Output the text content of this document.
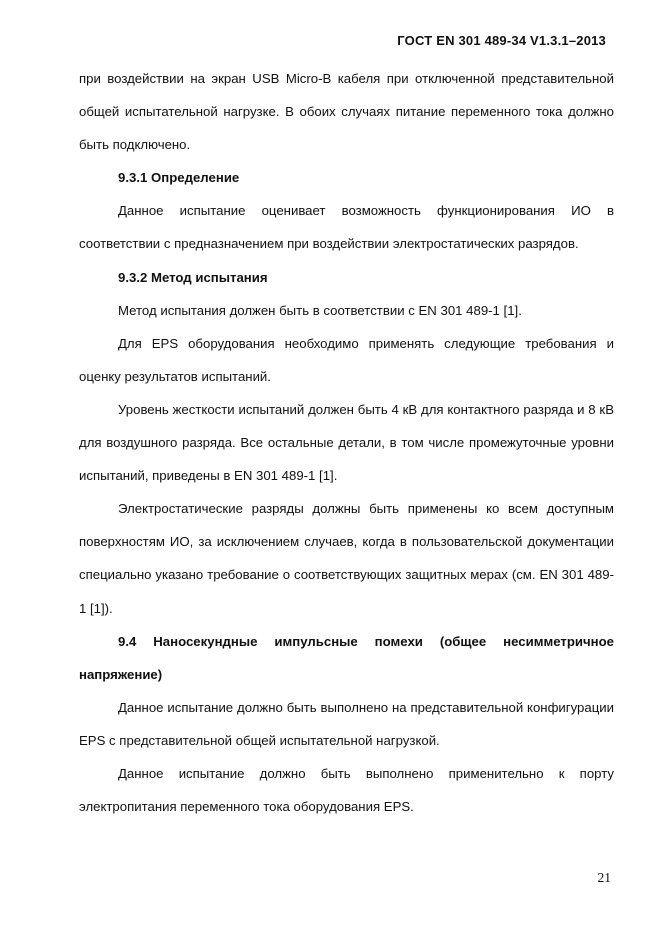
ГОСТ EN 301 489-34 V1.3.1–2013

при воздействии на экран USB Micro-B кабеля при отключенной представительной общей испытательной нагрузке. В обоих случаях питание переменного тока должно быть подключено.

9.3.1 Определение

Данное испытание оценивает возможность функционирования ИО в соответствии с предназначением при воздействии электростатических разрядов.

9.3.2 Метод испытания

Метод испытания должен быть в соответствии с EN 301 489-1 [1].

Для EPS оборудования необходимо применять следующие требования и оценку результатов испытаний.

Уровень жесткости испытаний должен быть 4 кВ для контактного разряда и 8 кВ для воздушного разряда. Все остальные детали, в том числе промежуточные уровни испытаний, приведены в EN 301 489-1 [1].

Электростатические разряды должны быть применены ко всем доступным поверхностям ИО, за исключением случаев, когда в пользовательской документации специально указано требование о соответствующих защитных мерах (см. EN 301 489-1 [1]).

9.4 Наносекундные импульсные помехи (общее несимметричное напряжение)

Данное испытание должно быть выполнено на представительной конфигурации EPS с представительной общей испытательной нагрузкой.

Данное испытание должно быть выполнено применительно к порту электропитания переменного тока оборудования EPS.

21
